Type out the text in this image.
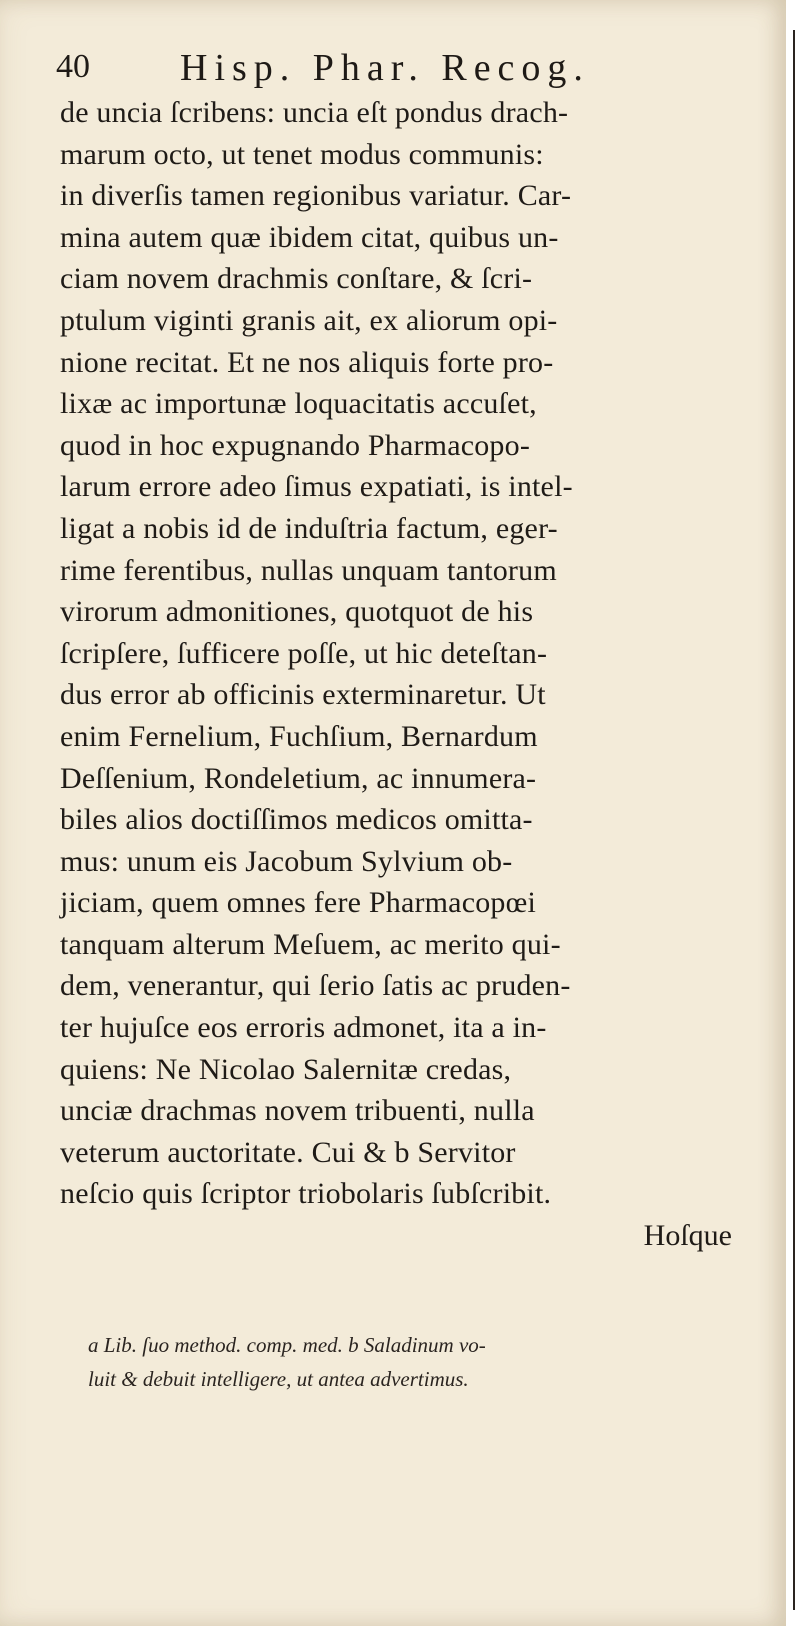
40 Hisp. Phar. Recog.
de uncia ſcribens: uncia eſt pondus drach-
marum octo, ut tenet modus communis:
in diverſis tamen regionibus variatur. Car-
mina autem quæ ibidem citat, quibus un-
ciam novem drachmis conſtare, & ſcri-
ptulum viginti granis ait, ex aliorum opi-
nione recitat. Et ne nos aliquis forte pro-
lixæ ac importunæ loquacitatis accuſet,
quod in hoc expugnando Pharmacopo-
larum errore adeo ſimus expatiati, is intel-
ligat a nobis id de induſtria factum, eger-
rime ferentibus, nullas unquam tantorum
virorum admonitiones, quotquot de his
ſcripſere, ſufficere poſſe, ut hic deteſtan-
dus error ab officinis exterminaretur. Ut
enim Fernelium, Fuchſium, Bernardum
Deſſenium, Rondeletium, ac innumera-
biles alios doctiſſimos medicos omitta-
mus: unum eis Jacobum Sylvium ob-
jiciam, quem omnes fere Pharmacopœi
tanquam alterum Meſuem, ac merito qui-
dem, venerantur, qui ſerio ſatis ac pruden-
ter hujuſce eos erroris admonet, ita a in-
quiens: Ne Nicolao Salernitæ credas,
unciæ drachmas novem tribuenti, nulla
veterum auctoritate. Cui & b Servitor
neſcio quis ſcriptor triobolaris ſubſcribit.
Hoſque
a Lib. ſuo method. comp. med. b Saladinum vo-
luit & debuit intelligere, ut antea advertimus.
